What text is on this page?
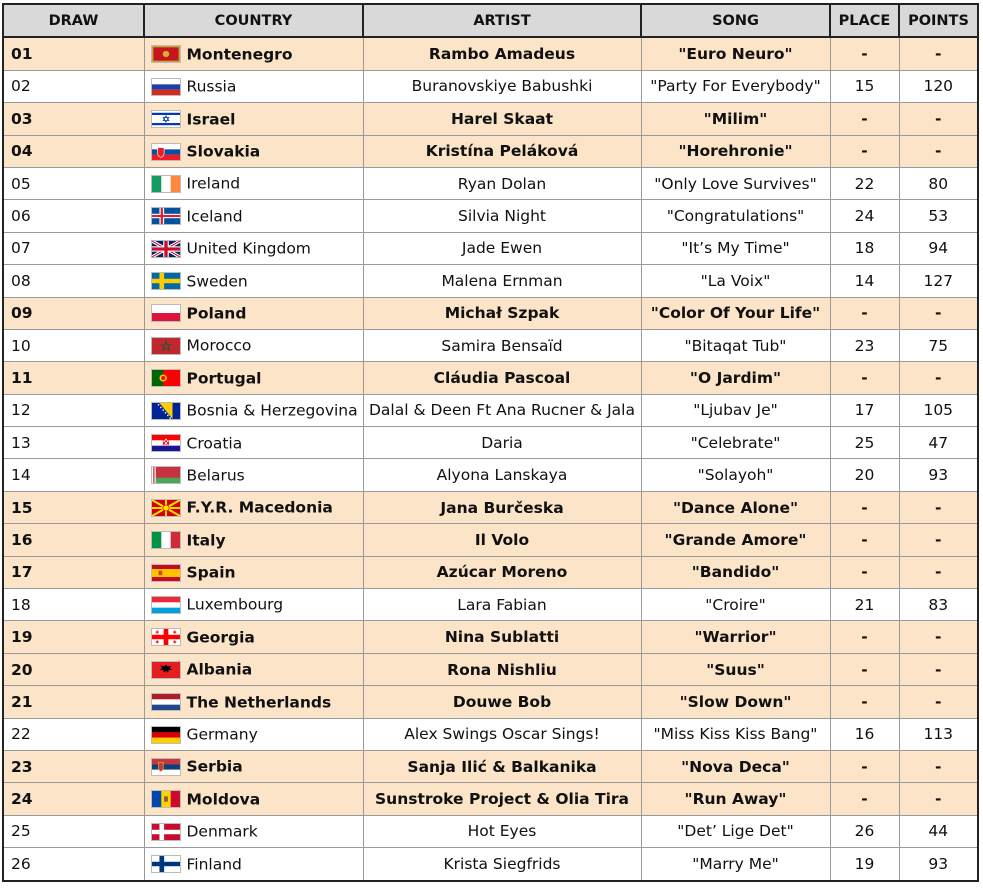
DRAW	COUNTRY	ARTIST	SONG	PLACE	POINTS
01	Montenegro	Rambo Amadeus	"Euro Neuro"	-	-
02	Russia	Buranovskiye Babushki	"Party For Everybody"	15	120
03	Israel	Harel Skaat	"Milim"	-	-
04	Slovakia	Kristína Peláková	"Horehronie"	-	-
05	Ireland	Ryan Dolan	"Only Love Survives"	22	80
06	Iceland	Silvia Night	"Congratulations"	24	53
07	United Kingdom	Jade Ewen	"It’s My Time"	18	94
08	Sweden	Malena Ernman	"La Voix"	14	127
09	Poland	Michał Szpak	"Color Of Your Life"	-	-
10	Morocco	Samira Bensaïd	"Bitaqat Tub"	23	75
11	Portugal	Cláudia Pascoal	"O Jardim"	-	-
12	Bosnia & Herzegovina	Dalal & Deen Ft Ana Rucner & Jala	"Ljubav Je"	17	105
13	Croatia	Daria	"Celebrate"	25	47
14	Belarus	Alyona Lanskaya	"Solayoh"	20	93
15	F.Y.R. Macedonia	Jana Burčeska	"Dance Alone"	-	-
16	Italy	Il Volo	"Grande Amore"	-	-
17	Spain	Azúcar Moreno	"Bandido"	-	-
18	Luxembourg	Lara Fabian	"Croire"	21	83
19	Georgia	Nina Sublatti	"Warrior"	-	-
20	Albania	Rona Nishliu	"Suus"	-	-
21	The Netherlands	Douwe Bob	"Slow Down"	-	-
22	Germany	Alex Swings Oscar Sings!	"Miss Kiss Kiss Bang"	16	113
23	Serbia	Sanja Ilić & Balkanika	"Nova Deca"	-	-
24	Moldova	Sunstroke Project & Olia Tira	"Run Away"	-	-
25	Denmark	Hot Eyes	"Det’ Lige Det"	26	44
26	Finland	Krista Siegfrids	"Marry Me"	19	93
